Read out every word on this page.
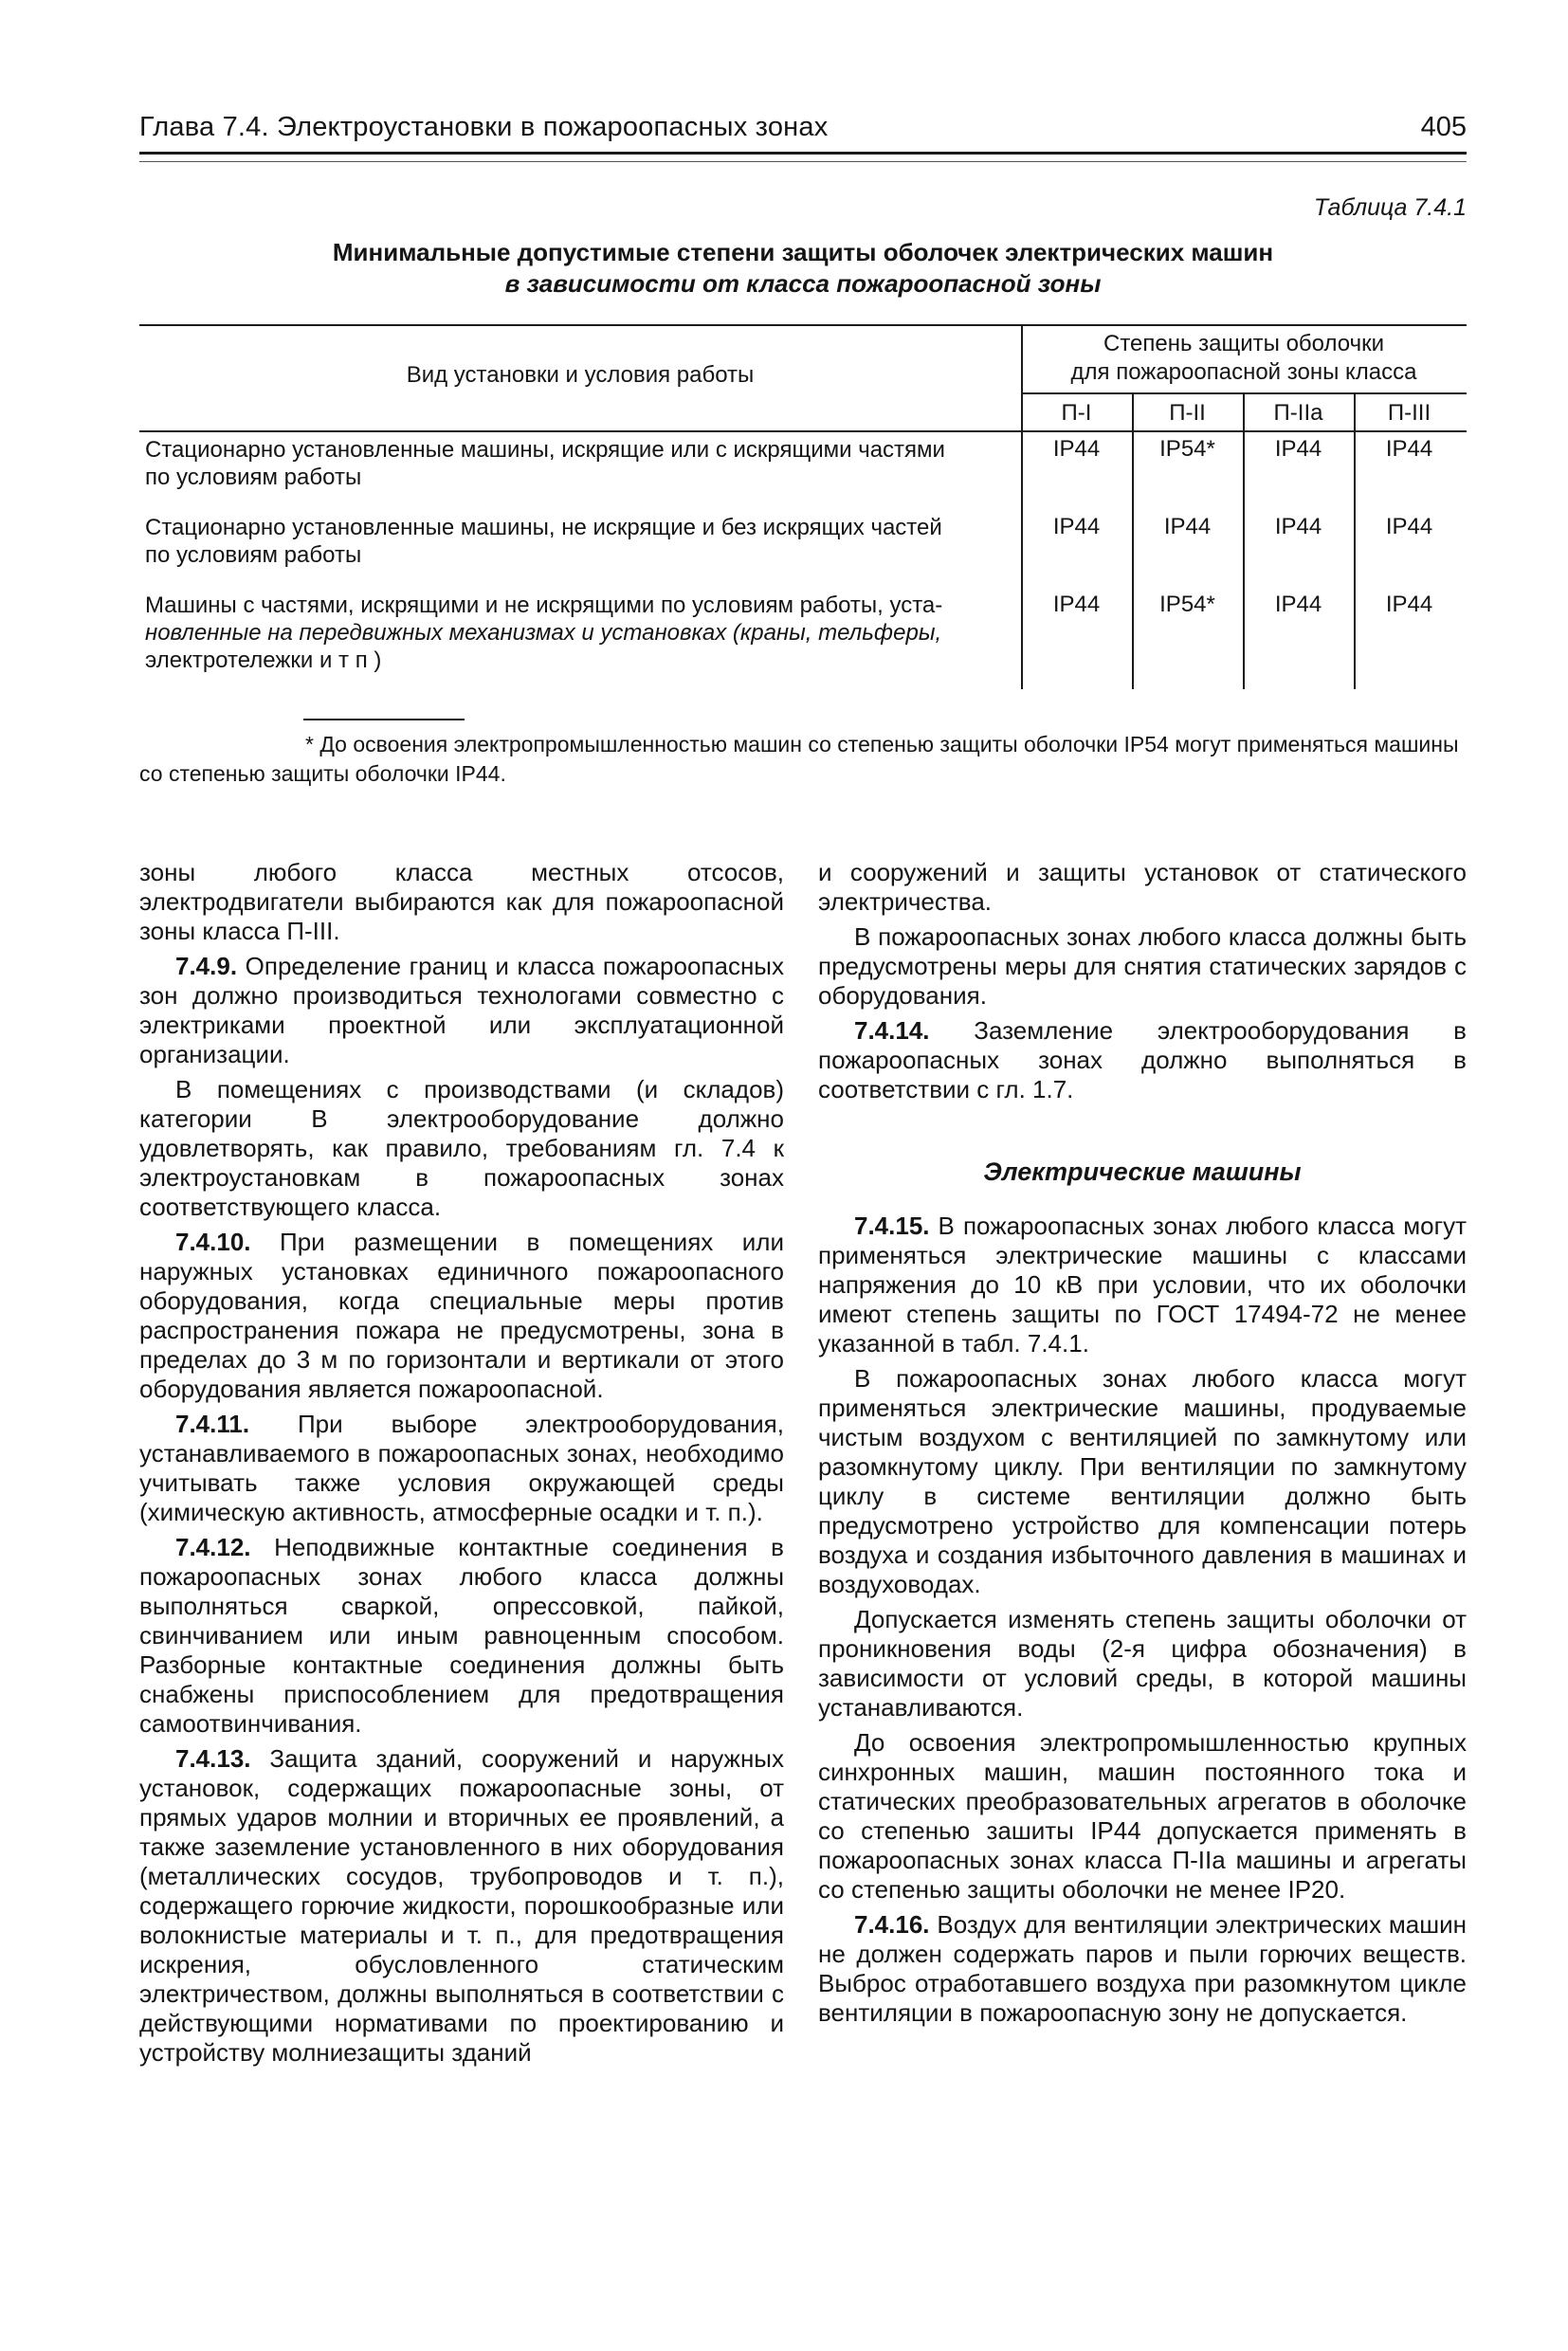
Глава 7.4. Электроустановки в пожароопасных зонах	405
Таблица 7.4.1
Минимальные допустимые степени защиты оболочек электрических машин
в зависимости от класса пожароопасной зоны
Вид установки и условия работы
Степень защиты оболочки
для пожароопасной зоны класса
П-I	П-II	П-IIa	П-III
Стационарно установленные машины, искрящие или с искрящими частями
по условиям работы
IP44	IP54*	IP44	IP44
Стационарно установленные машины, не искрящие и без искрящих частей
по условиям работы
IP44	IP44	IP44	IP44
Машины с частями, искрящими и не искрящими по условиям работы, уста-
новленные на передвижных механизмах и установках (краны, тельферы,
электротележки и т п )
IP44	IP54*	IP44	IP44
* До освоения электропромышленностью машин со степенью защиты оболочки IP54 могут применяться машины со степенью защиты оболочки IP44.

зоны любого класса местных отсосов, электродвигатели выбираются как для пожароопасной зоны класса П-III.

7.4.9. Определение границ и класса пожароопасных зон должно производиться технологами совместно с электриками проектной или эксплуатационной организации.

В помещениях с производствами (и складов) категории В электрооборудование должно удовлетворять, как правило, требованиям гл. 7.4 к электроустановкам в пожароопасных зонах соответствующего класса.

7.4.10. При размещении в помещениях или наружных установках единичного пожароопасного оборудования, когда специальные меры против распространения пожара не предусмотрены, зона в пределах до 3 м по горизонтали и вертикали от этого оборудования является пожароопасной.

7.4.11. При выборе электрооборудования, устанавливаемого в пожароопасных зонах, необходимо учитывать также условия окружающей среды (химическую активность, атмосферные осадки и т. п.).

7.4.12. Неподвижные контактные соединения в пожароопасных зонах любого класса должны выполняться сваркой, опрессовкой, пайкой, свинчиванием или иным равноценным способом. Разборные контактные соединения должны быть снабжены приспособлением для предотвращения самоотвинчивания.

7.4.13. Защита зданий, сооружений и наружных установок, содержащих пожароопасные зоны, от прямых ударов молнии и вторичных ее проявлений, а также заземление установленного в них оборудования (металлических сосудов, трубопроводов и т. п.), содержащего горючие жидкости, порошкообразные или волокнистые материалы и т. п., для предотвращения искрения, обусловленного статическим электричеством, должны выполняться в соответствии с действующими нормативами по проектированию и устройству молниезащиты зданий

и сооружений и защиты установок от статического электричества.

В пожароопасных зонах любого класса должны быть предусмотрены меры для снятия статических зарядов с оборудования.

7.4.14. Заземление электрооборудования в пожароопасных зонах должно выполняться в соответствии с гл. 1.7.

Электрические машины

7.4.15. В пожароопасных зонах любого класса могут применяться электрические машины с классами напряжения до 10 кВ при условии, что их оболочки имеют степень защиты по ГОСТ 17494-72 не менее указанной в табл. 7.4.1.

В пожароопасных зонах любого класса могут применяться электрические машины, продуваемые чистым воздухом с вентиляцией по замкнутому или разомкнутому циклу. При вентиляции по замкнутому циклу в системе вентиляции должно быть предусмотрено устройство для компенсации потерь воздуха и создания избыточного давления в машинах и воздуховодах.

Допускается изменять степень защиты оболочки от проникновения воды (2-я цифра обозначения) в зависимости от условий среды, в которой машины устанавливаются.

До освоения электропромышленностью крупных синхронных машин, машин постоянного тока и статических преобразовательных агрегатов в оболочке со степенью зашиты IP44 допускается применять в пожароопасных зонах класса П-IIa машины и агрегаты со степенью защиты оболочки не менее IP20.

7.4.16. Воздух для вентиляции электрических машин не должен содержать паров и пыли горючих веществ. Выброс отработавшего воздуха при разомкнутом цикле вентиляции в пожароопасную зону не допускается.
